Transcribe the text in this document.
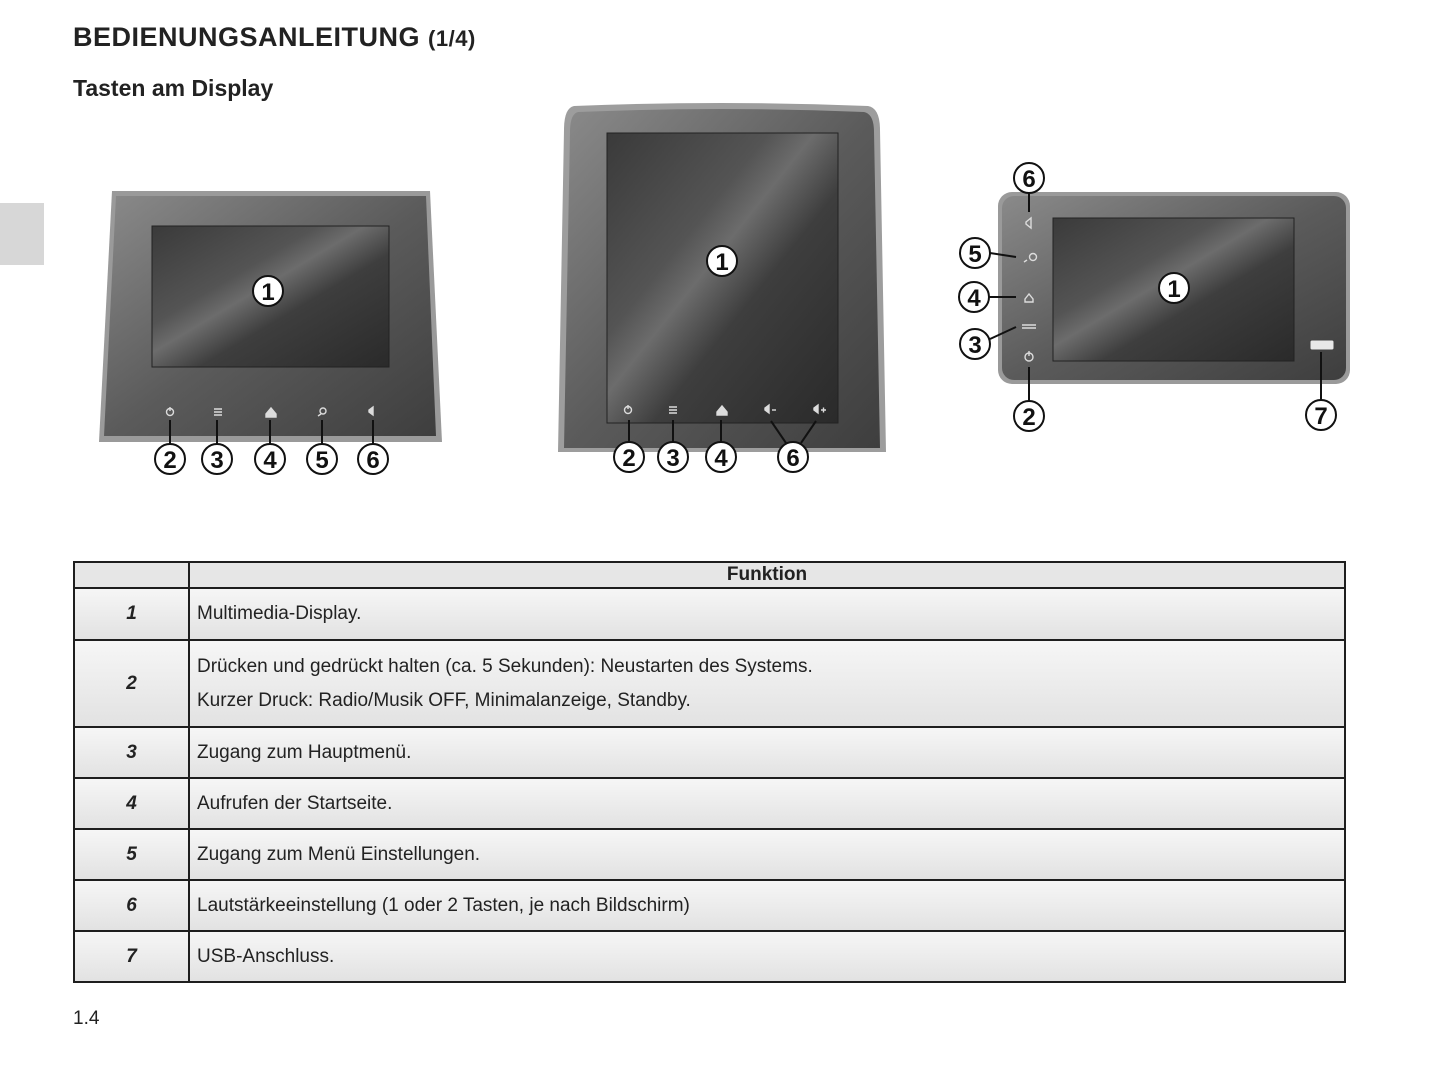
BEDIENUNGSANLEITUNG (1/4)
Tasten am Display
1
2 3 4 5 6
1
2 3 4 6
1
2
3
4
5
6
7
	Funktion
1	Multimedia-Display.

2	Drücken und gedrückt halten (ca. 5 Sekunden): Neustarten des Systems.
Kurzer Druck: Radio/Musik OFF, Minimalanzeige, Standby.

3	Zugang zum Hauptmenü.

4	Aufrufen der Startseite.

5	Zugang zum Menü Einstellungen.

6	Lautstärkeeinstellung (1 oder 2 Tasten, je nach Bildschirm)

7	USB-Anschluss.
1.4
